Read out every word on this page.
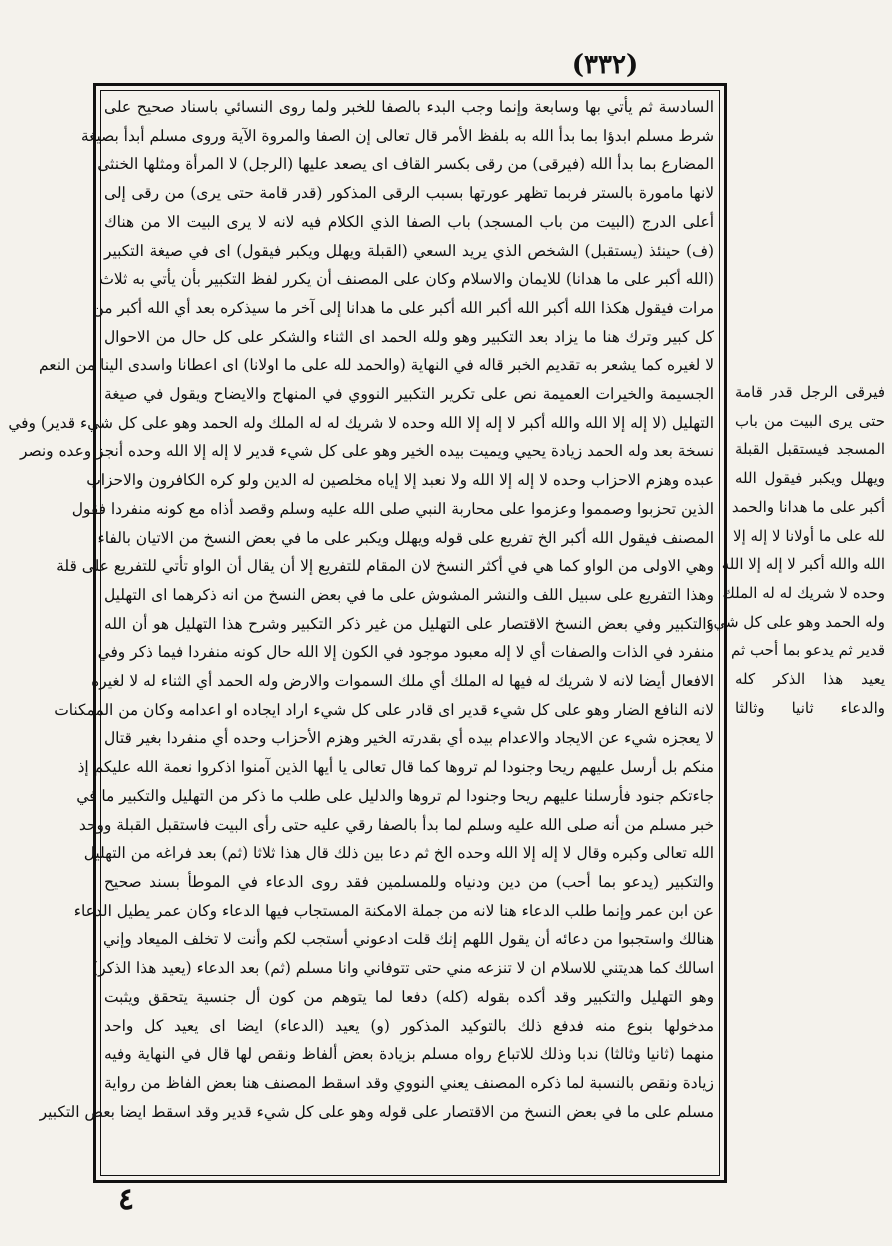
(٣٣٢)
السادسة ثم يأتي بها وسابعة وإنما وجب البدء بالصفا للخبر ولما روى النسائي باسناد صحيح على
شرط مسلم ابدؤا بما بدأ الله به بلفظ الأمر قال تعالى إن الصفا والمروة الآية وروى مسلم أبدأ بصيغة
المضارع بما بدأ الله (فيرقى) من رقى بكسر القاف اى يصعد عليها (الرجل) لا المرأة ومثلها الخنثى
لانها مامورة بالستر فربما تظهر عورتها بسبب الرقى المذكور (قدر قامة حتى يرى) من رقى إلى
أعلى الدرج (البيت من باب المسجد) باب الصفا الذي الكلام فيه لانه لا يرى البيت الا من هناك
(ف) حينئذ (يستقبل) الشخص الذي يريد السعي (القبلة ويهلل ويكبر فيقول) اى في صيغة التكبير
(الله أكبر على ما هدانا) للايمان والاسلام وكان على المصنف أن يكرر لفظ التكبير بأن يأتي به ثلاث
مرات فيقول هكذا الله أكبر الله أكبر الله أكبر على ما هدانا إلى آخر ما سيذكره بعد أي الله أكبر من
كل كبير وترك هنا ما يزاد بعد التكبير وهو ولله الحمد اى الثناء والشكر على كل حال من الاحوال
لا لغيره كما يشعر به تقديم الخبر قاله في النهاية (والحمد لله على ما اولانا) اى اعطانا واسدى الينا من النعم
الجسيمة والخيرات العميمة نص على تكرير التكبير النووي في المنهاج والايضاح ويقول في صيغة
التهليل (لا إله إلا الله والله أكبر لا إله إلا الله وحده لا شريك له له الملك وله الحمد وهو على كل شيء قدير) وفي
نسخة بعد وله الحمد زيادة يحيي ويميت بيده الخير وهو على كل شيء قدير لا إله إلا الله وحده أنجز وعده ونصر
عبده وهزم الاحزاب وحده لا إله إلا الله ولا نعبد إلا إياه مخلصين له الدين ولو كره الكافرون والاحزاب
الذين تحزبوا وصمموا وعزموا على محاربة النبي صلى الله عليه وسلم وقصد أذاه مع كونه منفردا فقول
المصنف فيقول الله أكبر الخ تفريع على قوله ويهلل ويكبر على ما في بعض النسخ من الاتيان بالفاء
وهي الاولى من الواو كما هي في أكثر النسخ لان المقام للتفريع إلا أن يقال أن الواو تأتي للتفريع على قلة
وهذا التفريع على سبيل اللف والنشر المشوش على ما في بعض النسخ من انه ذكرهما اى التهليل
والتكبير وفي بعض النسخ الاقتصار على التهليل من غير ذكر التكبير وشرح هذا التهليل هو أن الله
منفرد في الذات والصفات أي لا إله معبود موجود في الكون إلا الله حال كونه منفردا فيما ذكر وفي
الافعال أيضا لانه لا شريك له فيها له الملك أي ملك السموات والارض وله الحمد أي الثناء له لا لغيره
لانه النافع الضار وهو على كل شيء قدير اى قادر على كل شيء اراد ايجاده او اعدامه وكان من الممكنات
لا يعجزه شيء عن الايجاد والاعدام بيده أي بقدرته الخير وهزم الأحزاب وحده أي منفردا بغير قتال
منكم بل أرسل عليهم ريحا وجنودا لم تروها كما قال تعالى يا أيها الذين آمنوا اذكروا نعمة الله عليكم إذ
جاءتكم جنود فأرسلنا عليهم ريحا وجنودا لم تروها والدليل على طلب ما ذكر من التهليل والتكبير ما في
خبر مسلم من أنه صلى الله عليه وسلم لما بدأ بالصفا رقي عليه حتى رأى البيت فاستقبل القبلة ووحد
الله تعالى وكبره وقال لا إله إلا الله وحده الخ ثم دعا بين ذلك قال هذا ثلاثا (ثم) بعد فراغه من التهليل
والتكبير (يدعو بما أحب) من دين ودنياه وللمسلمين فقد روى الدعاء في الموطأ بسند صحيح
عن ابن عمر وإنما طلب الدعاء هنا لانه من جملة الامكنة المستجاب فيها الدعاء وكان عمر يطيل الدعاء
هنالك واستجبوا من دعائه أن يقول اللهم إنك قلت ادعوني أستجب لكم وأنت لا تخلف الميعاد وإني
اسالك كما هديتني للاسلام ان لا تنزعه مني حتى تتوفاني وانا مسلم (ثم) بعد الدعاء (يعيد هذا الذكر)
وهو التهليل والتكبير وقد أكده بقوله (كله) دفعا لما يتوهم من كون أل جنسية يتحقق ويثبت
مدخولها بنوع منه فدفع ذلك بالتوكيد المذكور (و) يعيد (الدعاء) ايضا اى يعيد كل واحد
منهما (ثانيا وثالثا) ندبا وذلك للاتباع رواه مسلم بزيادة بعض ألفاظ ونقص لها قال في النهاية وفيه
زيادة ونقص بالنسبة لما ذكره المصنف يعني النووي وقد اسقط المصنف هنا بعض الفاظ من رواية
مسلم على ما في بعض النسخ من الاقتصار على قوله وهو على كل شيء قدير وقد اسقط ايضا بعض التكبير
فيرقى الرجل قدر قامة
حتى يرى البيت من باب
المسجد فيستقبل القبلة
ويهلل ويكبر فيقول الله
أكبر على ما هدانا والحمد
لله على ما أولانا لا إله إلا
الله والله أكبر لا إله إلا الله
وحده لا شريك له له الملك
وله الحمد وهو على كل شيء
قدير ثم يدعو بما أحب ثم
يعيد هذا الذكر كله
والدعاء ثانيا وثالثا
٤
